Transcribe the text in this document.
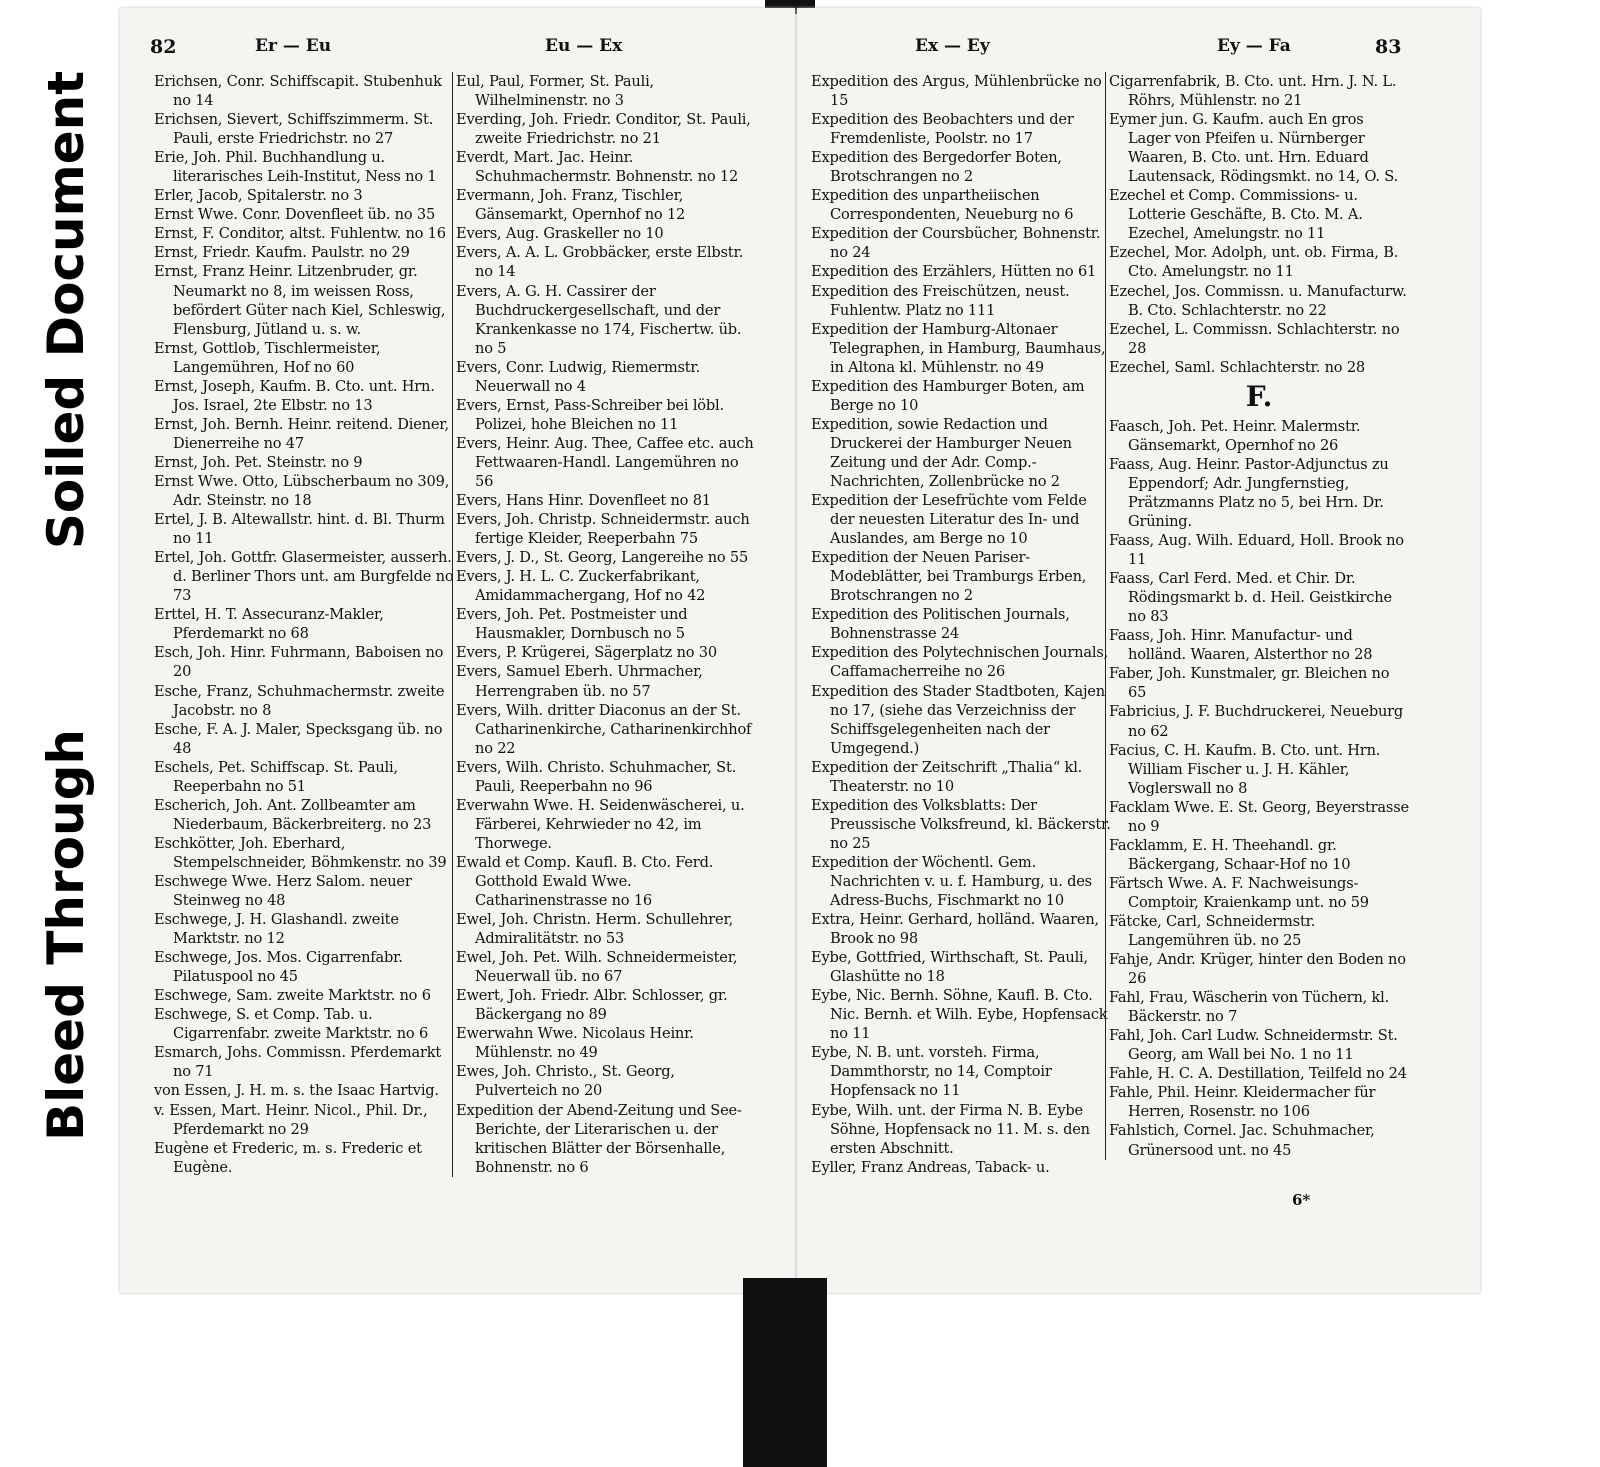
Soiled Document
Bleed Through
82	Er — Eu	Eu — Ex

Erichsen, Conr. Schiffscapit. Stubenhuk no 14

Erichsen, Sievert, Schiffszimmerm. St. Pauli, erste Friedrichstr. no 27

Erie, Joh. Phil. Buchhandlung u. literarisches Leih-Institut, Ness no 1

Erler, Jacob, Spitalerstr. no 3

Ernst Wwe. Conr. Dovenfleet üb. no 35

Ernst, F. Conditor, altst. Fuhlentw. no 16

Ernst, Friedr. Kaufm. Paulstr. no 29

Ernst, Franz Heinr. Litzenbruder, gr. Neumarkt no 8, im weissen Ross, befördert Güter nach Kiel, Schleswig, Flensburg, Jütland u. s. w.

Ernst, Gottlob, Tischlermeister, Langemühren, Hof no 60

Ernst, Joseph, Kaufm. B. Cto. unt. Hrn. Jos. Israel, 2te Elbstr. no 13

Ernst, Joh. Bernh. Heinr. reitend. Diener, Dienerreihe no 47

Ernst, Joh. Pet. Steinstr. no 9

Ernst Wwe. Otto, Lübscherbaum no 309, Adr. Steinstr. no 18

Ertel, J. B. Altewallstr. hint. d. Bl. Thurm no 11

Ertel, Joh. Gottfr. Glasermeister, ausserh. d. Berliner Thors unt. am Burgfelde no 73

Erttel, H. T. Assecuranz-Makler, Pferdemarkt no 68

Esch, Joh. Hinr. Fuhrmann, Baboisen no 20

Esche, Franz, Schuhmachermstr. zweite Jacobstr. no 8

Esche, F. A. J. Maler, Specksgang üb. no 48

Eschels, Pet. Schiffscap. St. Pauli, Reeperbahn no 51

Escherich, Joh. Ant. Zollbeamter am Niederbaum, Bäckerbreiterg. no 23

Eschkötter, Joh. Eberhard, Stempelschneider, Böhmkenstr. no 39

Eschwege Wwe. Herz Salom. neuer Steinweg no 48

Eschwege, J. H. Glashandl. zweite Marktstr. no 12

Eschwege, Jos. Mos. Cigarrenfabr. Pilatuspool no 45

Eschwege, Sam. zweite Marktstr. no 6

Eschwege, S. et Comp. Tab. u. Cigarrenfabr. zweite Marktstr. no 6

Esmarch, Johs. Commissn. Pferdemarkt no 71

von Essen, J. H. m. s. the Isaac Hartvig.

v. Essen, Mart. Heinr. Nicol., Phil. Dr., Pferdemarkt no 29

Eugène et Frederic, m. s. Frederic et Eugène.

Eul, Paul, Former, St. Pauli, Wilhelminenstr. no 3

Everding, Joh. Friedr. Conditor, St. Pauli, zweite Friedrichstr. no 21

Everdt, Mart. Jac. Heinr. Schuhmachermstr. Bohnenstr. no 12

Evermann, Joh. Franz, Tischler, Gänsemarkt, Opernhof no 12

Evers, Aug. Graskeller no 10

Evers, A. A. L. Grobbäcker, erste Elbstr. no 14

Evers, A. G. H. Cassirer der Buchdruckergesellschaft, und der Krankenkasse no 174, Fischertw. üb. no 5

Evers, Conr. Ludwig, Riemermstr. Neuerwall no 4

Evers, Ernst, Pass-Schreiber bei löbl. Polizei, hohe Bleichen no 11

Evers, Heinr. Aug. Thee, Caffee etc. auch Fettwaaren-Handl. Langemühren no 56

Evers, Hans Hinr. Dovenfleet no 81

Evers, Joh. Christp. Schneidermstr. auch fertige Kleider, Reeperbahn 75

Evers, J. D., St. Georg, Langereihe no 55

Evers, J. H. L. C. Zuckerfabrikant, Amidammachergang, Hof no 42

Evers, Joh. Pet. Postmeister und Hausmakler, Dornbusch no 5

Evers, P. Krügerei, Sägerplatz no 30

Evers, Samuel Eberh. Uhrmacher, Herrengraben üb. no 57

Evers, Wilh. dritter Diaconus an der St. Catharinenkirche, Catharinenkirchhof no 22

Evers, Wilh. Christo. Schuhmacher, St. Pauli, Reeperbahn no 96

Everwahn Wwe. H. Seidenwäscherei, u. Färberei, Kehrwieder no 42, im Thorwege.

Ewald et Comp. Kaufl. B. Cto. Ferd. Gotthold Ewald Wwe. Catharinenstrasse no 16

Ewel, Joh. Christn. Herm. Schullehrer, Admiralitätstr. no 53

Ewel, Joh. Pet. Wilh. Schneidermeister, Neuerwall üb. no 67

Ewert, Joh. Friedr. Albr. Schlosser, gr. Bäckergang no 89

Ewerwahn Wwe. Nicolaus Heinr. Mühlenstr. no 49

Ewes, Joh. Christo., St. Georg, Pulverteich no 20

Expedition der Abend-Zeitung und See-Berichte, der Literarischen u. der kritischen Blätter der Börsenhalle, Bohnenstr. no 6

Ex — Ey	Ey — Fa	83

Expedition des Argus, Mühlenbrücke no 15

Expedition des Beobachters und der Fremdenliste, Poolstr. no 17

Expedition des Bergedorfer Boten, Brotschrangen no 2

Expedition des unpartheiischen Correspondenten, Neueburg no 6

Expedition der Coursbücher, Bohnenstr. no 24

Expedition des Erzählers, Hütten no 61

Expedition des Freischützen, neust. Fuhlentw. Platz no 111

Expedition der Hamburg-Altonaer Telegraphen, in Hamburg, Baumhaus, in Altona kl. Mühlenstr. no 49

Expedition des Hamburger Boten, am Berge no 10

Expedition, sowie Redaction und Druckerei der Hamburger Neuen Zeitung und der Adr. Comp.-Nachrichten, Zollenbrücke no 2

Expedition der Lesefrüchte vom Felde der neuesten Literatur des In- und Auslandes, am Berge no 10

Expedition der Neuen Pariser-Modeblätter, bei Tramburgs Erben, Brotschrangen no 2

Expedition des Politischen Journals, Bohnenstrasse 24

Expedition des Polytechnischen Journals, Caffamacherreihe no 26

Expedition des Stader Stadtboten, Kajen no 17, (siehe das Verzeichniss der Schiffsgelegenheiten nach der Umgegend.)

Expedition der Zeitschrift „Thalia“ kl. Theaterstr. no 10

Expedition des Volksblatts: Der Preussische Volksfreund, kl. Bäckerstr. no 25

Expedition der Wöchentl. Gem. Nachrichten v. u. f. Hamburg, u. des Adress-Buchs, Fischmarkt no 10

Extra, Heinr. Gerhard, holländ. Waaren, Brook no 98

Eybe, Gottfried, Wirthschaft, St. Pauli, Glashütte no 18

Eybe, Nic. Bernh. Söhne, Kaufl. B. Cto. Nic. Bernh. et Wilh. Eybe, Hopfensack no 11

Eybe, N. B. unt. vorsteh. Firma, Dammthorstr, no 14, Comptoir Hopfensack no 11

Eybe, Wilh. unt. der Firma N. B. Eybe Söhne, Hopfensack no 11. M. s. den ersten Abschnitt.

Eyller, Franz Andreas, Taback- u.

Cigarrenfabrik, B. Cto. unt. Hrn. J. N. L. Röhrs, Mühlenstr. no 21

Eymer jun. G. Kaufm. auch En gros Lager von Pfeifen u. Nürnberger Waaren, B. Cto. unt. Hrn. Eduard Lautensack, Rödingsmkt. no 14, O. S.

Ezechel et Comp. Commissions- u. Lotterie Geschäfte, B. Cto. M. A. Ezechel, Amelungstr. no 11

Ezechel, Mor. Adolph, unt. ob. Firma, B. Cto. Amelungstr. no 11

Ezechel, Jos. Commissn. u. Manufacturw. B. Cto. Schlachterstr. no 22

Ezechel, L. Commissn. Schlachterstr. no 28

Ezechel, Saml. Schlachterstr. no 28

F.

Faasch, Joh. Pet. Heinr. Malermstr. Gänsemarkt, Opernhof no 26

Faass, Aug. Heinr. Pastor-Adjunctus zu Eppendorf; Adr. Jungfernstieg, Prätzmanns Platz no 5, bei Hrn. Dr. Grüning.

Faass, Aug. Wilh. Eduard, Holl. Brook no 11

Faass, Carl Ferd. Med. et Chir. Dr. Rödingsmarkt b. d. Heil. Geistkirche no 83

Faass, Joh. Hinr. Manufactur- und holländ. Waaren, Alsterthor no 28

Faber, Joh. Kunstmaler, gr. Bleichen no 65

Fabricius, J. F. Buchdruckerei, Neueburg no 62

Facius, C. H. Kaufm. B. Cto. unt. Hrn. William Fischer u. J. H. Kähler, Voglerswall no 8

Facklam Wwe. E. St. Georg, Beyerstrasse no 9

Facklamm, E. H. Theehandl. gr. Bäckergang, Schaar-Hof no 10

Färtsch Wwe. A. F. Nachweisungs-Comptoir, Kraienkamp unt. no 59

Fätcke, Carl, Schneidermstr. Langemühren üb. no 25

Fahje, Andr. Krüger, hinter den Boden no 26

Fahl, Frau, Wäscherin von Tüchern, kl. Bäckerstr. no 7

Fahl, Joh. Carl Ludw. Schneidermstr. St. Georg, am Wall bei No. 1 no 11

Fahle, H. C. A. Destillation, Teilfeld no 24

Fahle, Phil. Heinr. Kleidermacher für Herren, Rosenstr. no 106

Fahlstich, Cornel. Jac. Schuhmacher, Grünersood unt. no 45

6*
